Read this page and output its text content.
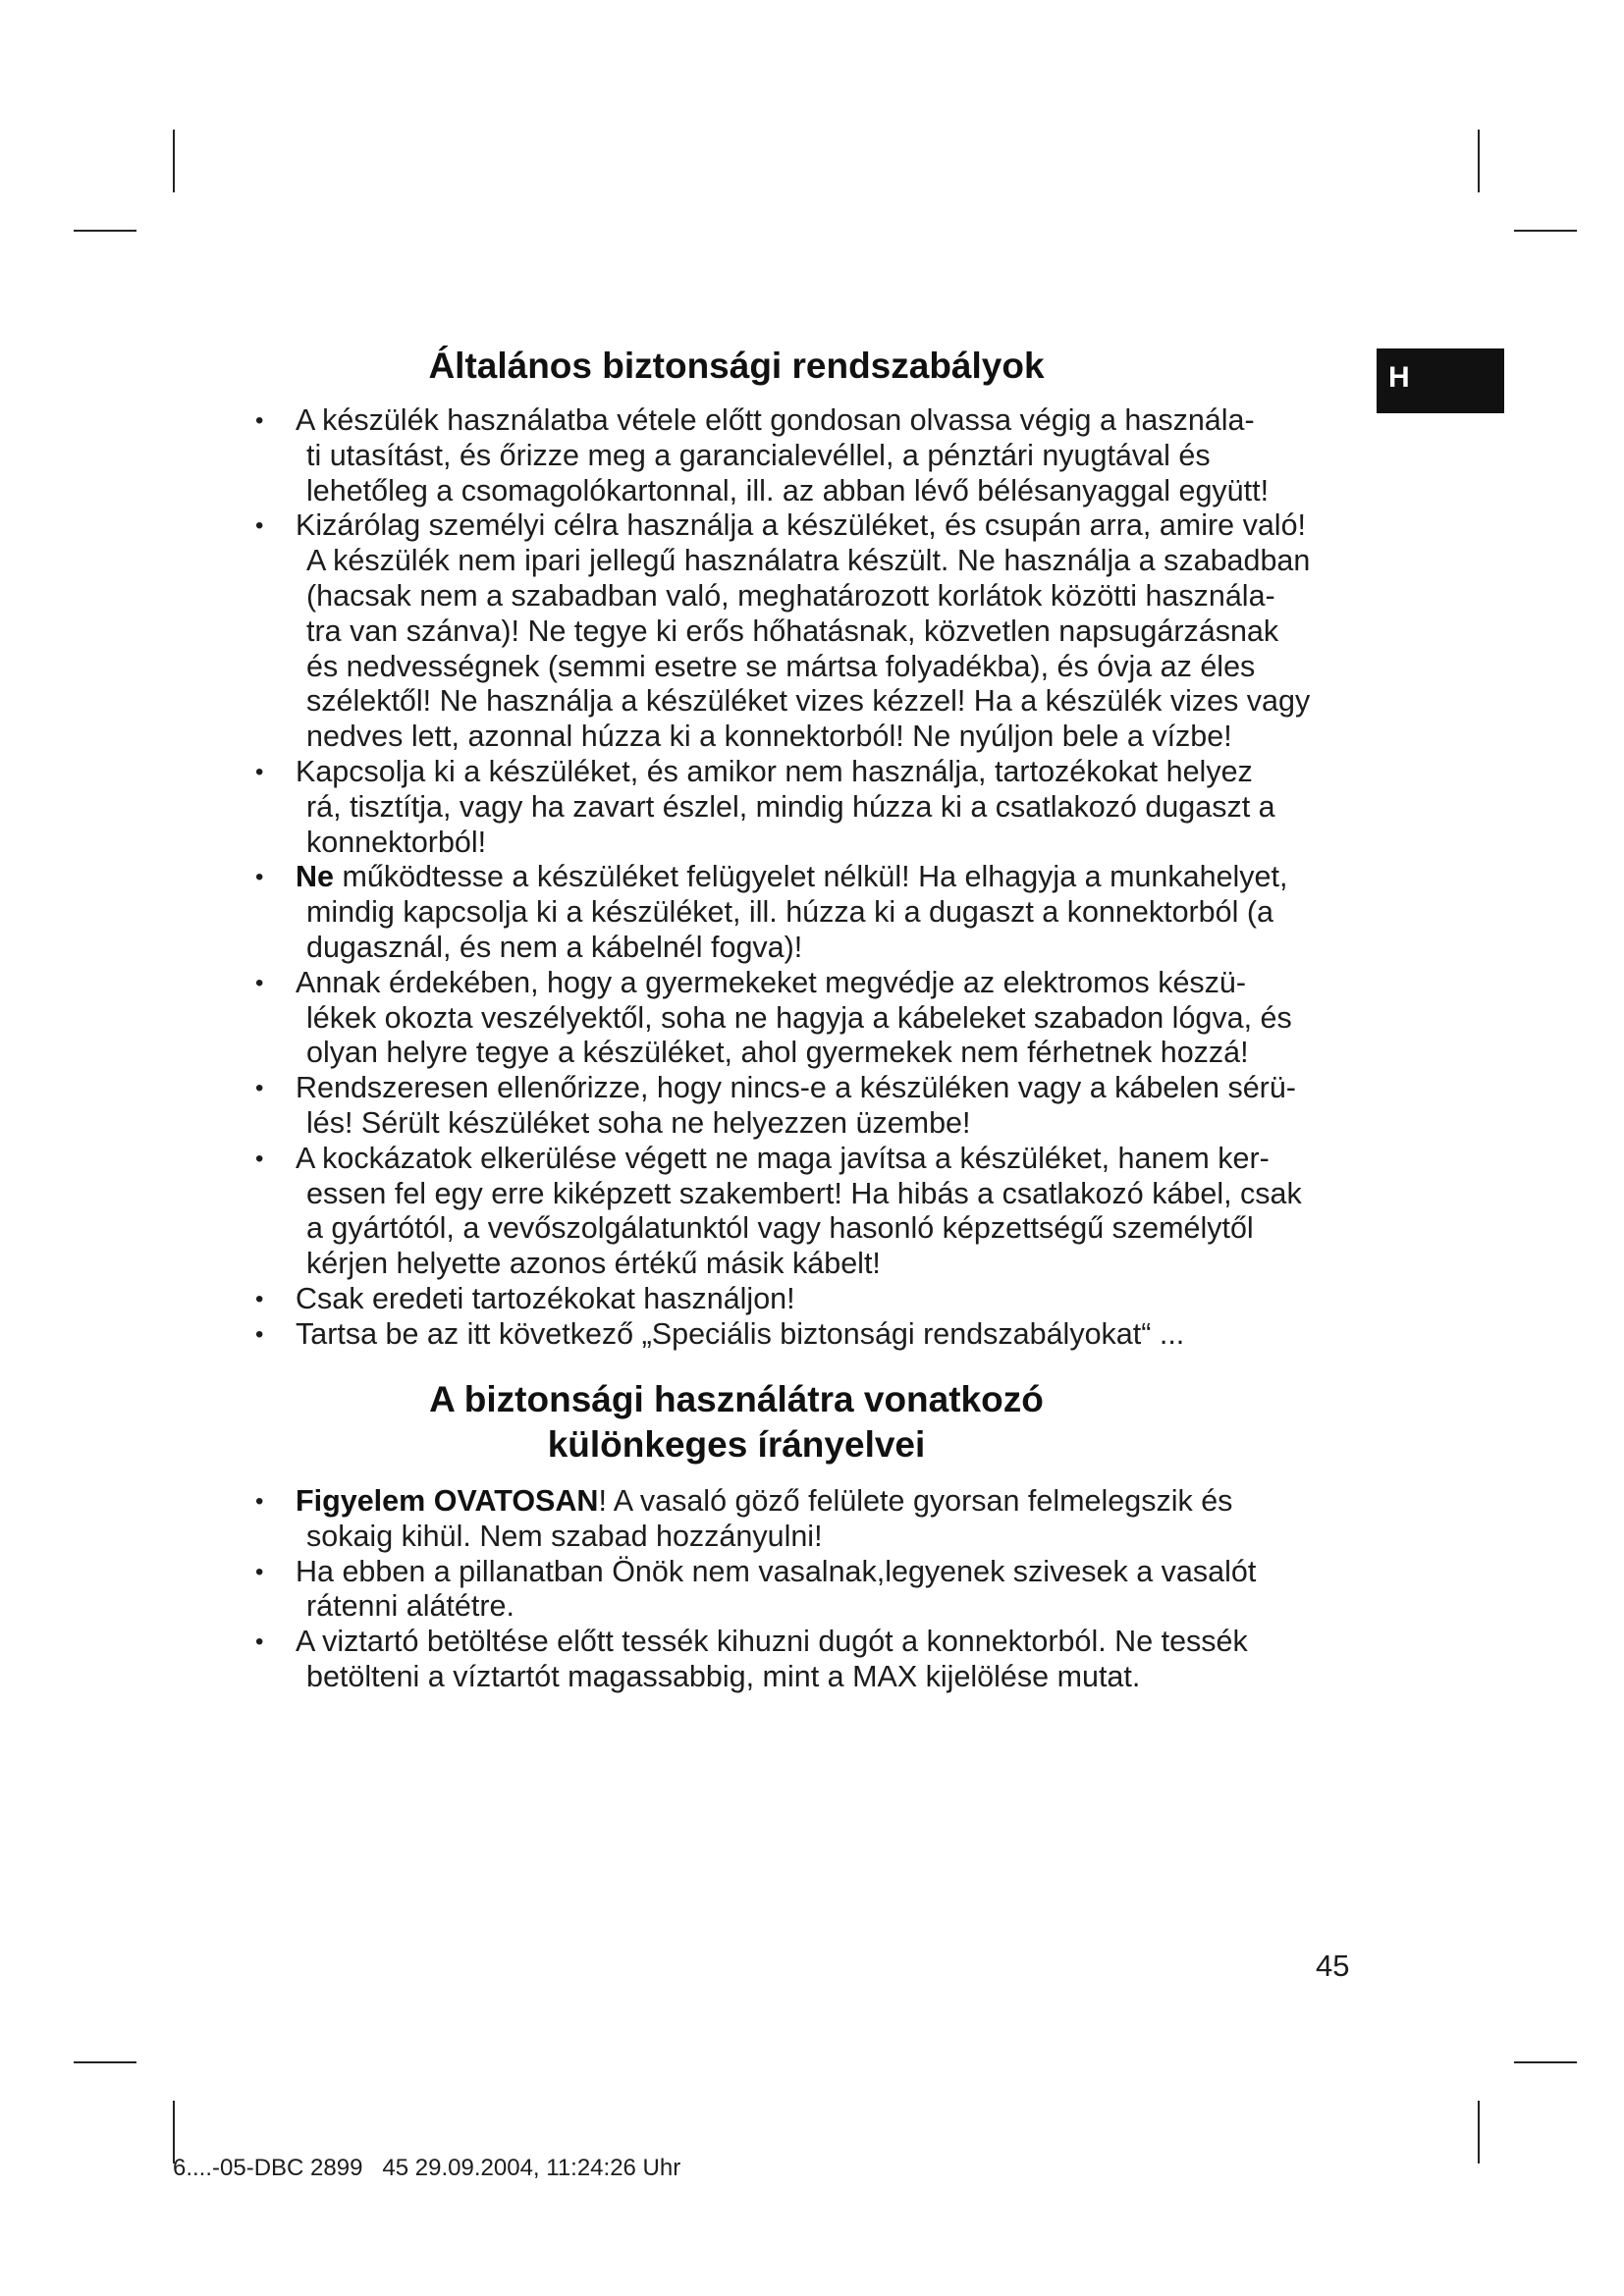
H
Általános biztonsági rendszabályok
• A készülék használatba vétele előtt gondosan olvassa végig a használa-
ti utasítást, és őrizze meg a garancialevéllel, a pénztári nyugtával és
lehetőleg a csomagolókartonnal, ill. az abban lévő bélésanyaggal együtt!
• Kizárólag személyi célra használja a készüléket, és csupán arra, amire való!
A készülék nem ipari jellegű használatra készült. Ne használja a szabadban
(hacsak nem a szabadban való, meghatározott korlátok közötti használa-
tra van szánva)! Ne tegye ki erős hőhatásnak, közvetlen napsugárzásnak
és nedvességnek (semmi esetre se mártsa folyadékba), és óvja az éles
szélektől! Ne használja a készüléket vizes kézzel! Ha a készülék vizes vagy
nedves lett, azonnal húzza ki a konnektorból! Ne nyúljon bele a vízbe!
• Kapcsolja ki a készüléket, és amikor nem használja, tartozékokat helyez
rá, tisztítja, vagy ha zavart észlel, mindig húzza ki a csatlakozó dugaszt a
konnektorból!
• Ne működtesse a készüléket felügyelet nélkül! Ha elhagyja a munkahelyet,
mindig kapcsolja ki a készüléket, ill. húzza ki a dugaszt a konnektorból (a
dugasznál, és nem a kábelnél fogva)!
• Annak érdekében, hogy a gyermekeket megvédje az elektromos készü-
lékek okozta veszélyektől, soha ne hagyja a kábeleket szabadon lógva, és
olyan helyre tegye a készüléket, ahol gyermekek nem férhetnek hozzá!
• Rendszeresen ellenőrizze, hogy nincs-e a készüléken vagy a kábelen sérü-
lés! Sérült készüléket soha ne helyezzen üzembe!
• A kockázatok elkerülése végett ne maga javítsa a készüléket, hanem ker-
essen fel egy erre kiképzett szakembert! Ha hibás a csatlakozó kábel, csak
a gyártótól, a vevőszolgálatunktól vagy hasonló képzettségű személytől
kérjen helyette azonos értékű másik kábelt!
• Csak eredeti tartozékokat használjon!
• Tartsa be az itt következő „Speciális biztonsági rendszabályokat“ ...
A biztonsági használátra vonatkozó
különkeges írányelvei
• Figyelem OVATOSAN! A vasaló göző felülete gyorsan felmelegszik és
sokaig kihül. Nem szabad hozzányulni!
• Ha ebben a pillanatban Önök nem vasalnak,legyenek szivesek a vasalót
rátenni alátétre.
• A viztartó betöltése előtt tessék kihuzni dugót a konnektorból. Ne tessék
betölteni a víztartót magassabbig, mint a MAX kijelölése mutat.
45
6....-05-DBC 2899   45 29.09.2004, 11:24:26 Uhr
